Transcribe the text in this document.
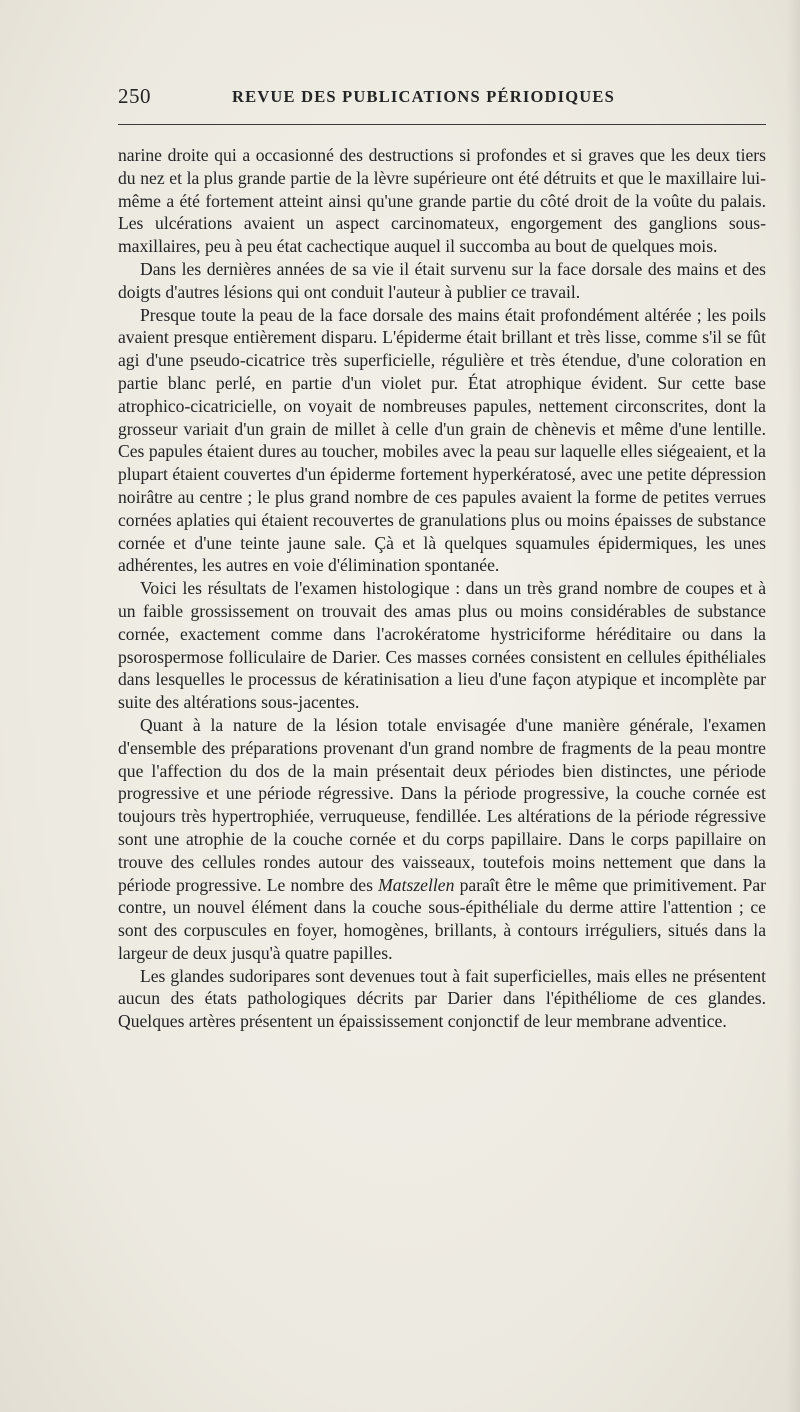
250	REVUE DES PUBLICATIONS PÉRIODIQUES

narine droite qui a occasionné des destructions si profondes et si graves que les deux tiers du nez et la plus grande partie de la lèvre supérieure ont été détruits et que le maxillaire lui-même a été fortement atteint ainsi qu'une grande partie du côté droit de la voûte du palais. Les ulcérations avaient un aspect carcinomateux, engorgement des ganglions sous-maxillaires, peu à peu état cachectique auquel il succomba au bout de quelques mois.

Dans les dernières années de sa vie il était survenu sur la face dorsale des mains et des doigts d'autres lésions qui ont conduit l'auteur à publier ce travail.

Presque toute la peau de la face dorsale des mains était profondément altérée ; les poils avaient presque entièrement disparu. L'épiderme était brillant et très lisse, comme s'il se fût agi d'une pseudo-cicatrice très superficielle, régulière et très étendue, d'une coloration en partie blanc perlé, en partie d'un violet pur. État atrophique évident. Sur cette base atrophico-cicatricielle, on voyait de nombreuses papules, nettement circonscrites, dont la grosseur variait d'un grain de millet à celle d'un grain de chènevis et même d'une lentille. Ces papules étaient dures au toucher, mobiles avec la peau sur laquelle elles siégeaient, et la plupart étaient couvertes d'un épiderme fortement hyperkératosé, avec une petite dépression noirâtre au centre ; le plus grand nombre de ces papules avaient la forme de petites verrues cornées aplaties qui étaient recouvertes de granulations plus ou moins épaisses de substance cornée et d'une teinte jaune sale. Çà et là quelques squamules épidermiques, les unes adhérentes, les autres en voie d'élimination spontanée.

Voici les résultats de l'examen histologique : dans un très grand nombre de coupes et à un faible grossissement on trouvait des amas plus ou moins considérables de substance cornée, exactement comme dans l'acrokératome hystriciforme héréditaire ou dans la psorospermose folliculaire de Darier. Ces masses cornées consistent en cellules épithéliales dans lesquelles le processus de kératinisation a lieu d'une façon atypique et incomplète par suite des altérations sous-jacentes.

Quant à la nature de la lésion totale envisagée d'une manière générale, l'examen d'ensemble des préparations provenant d'un grand nombre de fragments de la peau montre que l'affection du dos de la main présentait deux périodes bien distinctes, une période progressive et une période régressive. Dans la période progressive, la couche cornée est toujours très hypertrophiée, verruqueuse, fendillée. Les altérations de la période régressive sont une atrophie de la couche cornée et du corps papillaire. Dans le corps papillaire on trouve des cellules rondes autour des vaisseaux, toutefois moins nettement que dans la période progressive. Le nombre des Matszellen paraît être le même que primitivement. Par contre, un nouvel élément dans la couche sous-épithéliale du derme attire l'attention ; ce sont des corpuscules en foyer, homogènes, brillants, à contours irréguliers, situés dans la largeur de deux jusqu'à quatre papilles.

Les glandes sudoripares sont devenues tout à fait superficielles, mais elles ne présentent aucun des états pathologiques décrits par Darier dans l'épithéliome de ces glandes. Quelques artères présentent un épaississement conjonctif de leur membrane adventice.
